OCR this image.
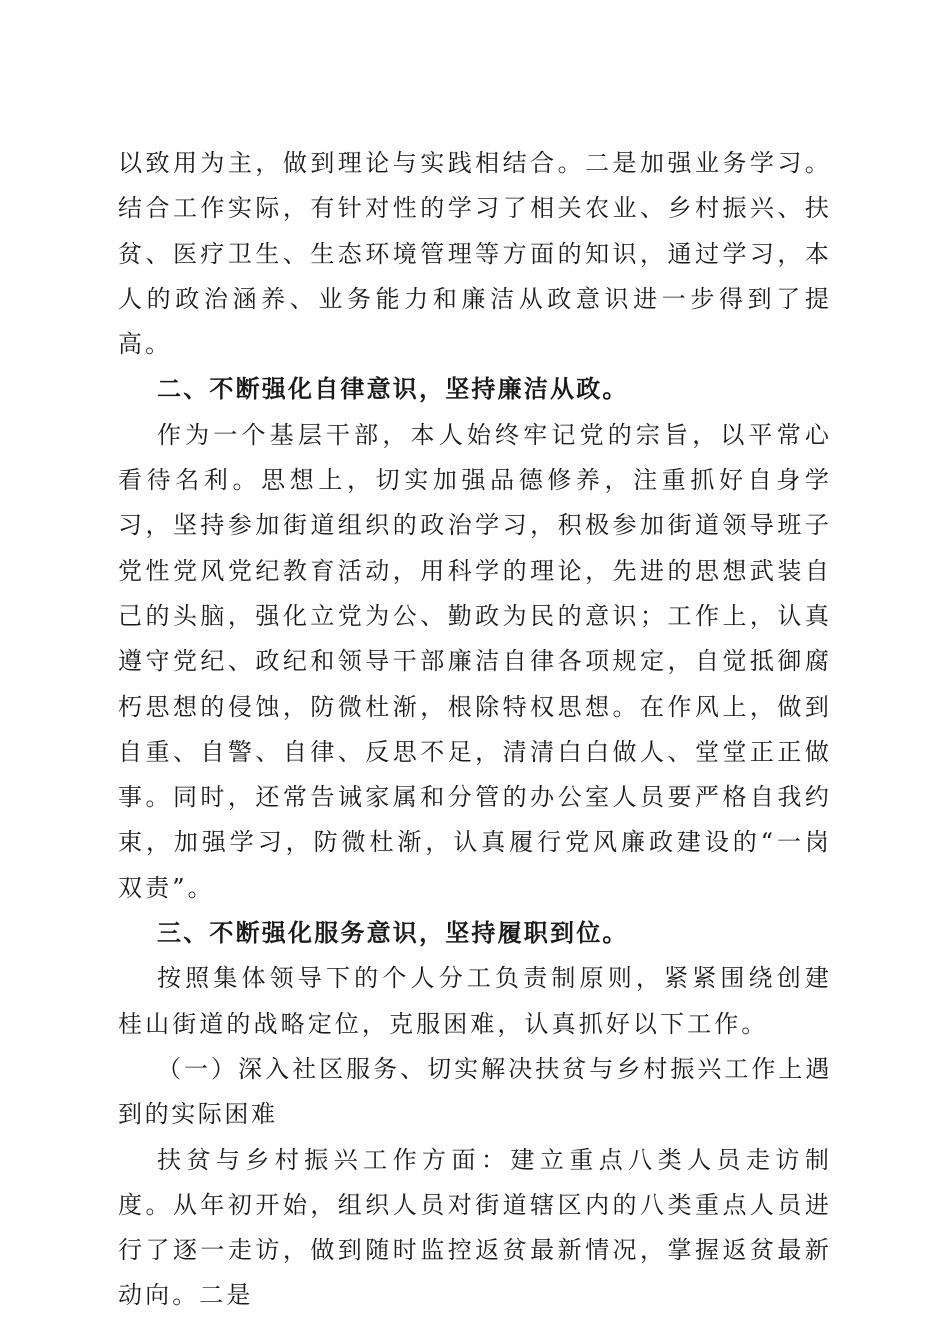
以致用为主，做到理论与实践相结合。二是加强业务学习。结合工作实际，有针对性的学习了相关农业、乡村振兴、扶贫、医疗卫生、生态环境管理等方面的知识，通过学习，本人的政治涵养、业务能力和廉洁从政意识进一步得到了提高。

二、不断强化自律意识，坚持廉洁从政。

作为一个基层干部，本人始终牢记党的宗旨，以平常心看待名利。思想上，切实加强品德修养，注重抓好自身学习，坚持参加街道组织的政治学习，积极参加街道领导班子党性党风党纪教育活动，用科学的理论，先进的思想武装自己的头脑，强化立党为公、勤政为民的意识；工作上，认真遵守党纪、政纪和领导干部廉洁自律各项规定，自觉抵御腐朽思想的侵蚀，防微杜渐，根除特权思想。在作风上，做到自重、自警、自律、反思不足，清清白白做人、堂堂正正做事。同时，还常告诫家属和分管的办公室人员要严格自我约束，加强学习，防微杜渐，认真履行党风廉政建设的“一岗双责”。

三、不断强化服务意识，坚持履职到位。

按照集体领导下的个人分工负责制原则，紧紧围绕创建桂山街道的战略定位，克服困难，认真抓好以下工作。

（一）深入社区服务、切实解决扶贫与乡村振兴工作上遇到的实际困难

扶贫与乡村振兴工作方面：建立重点八类人员走访制度。从年初开始，组织人员对街道辖区内的八类重点人员进行了逐一走访，做到随时监控返贫最新情况，掌握返贫最新动向。二是
